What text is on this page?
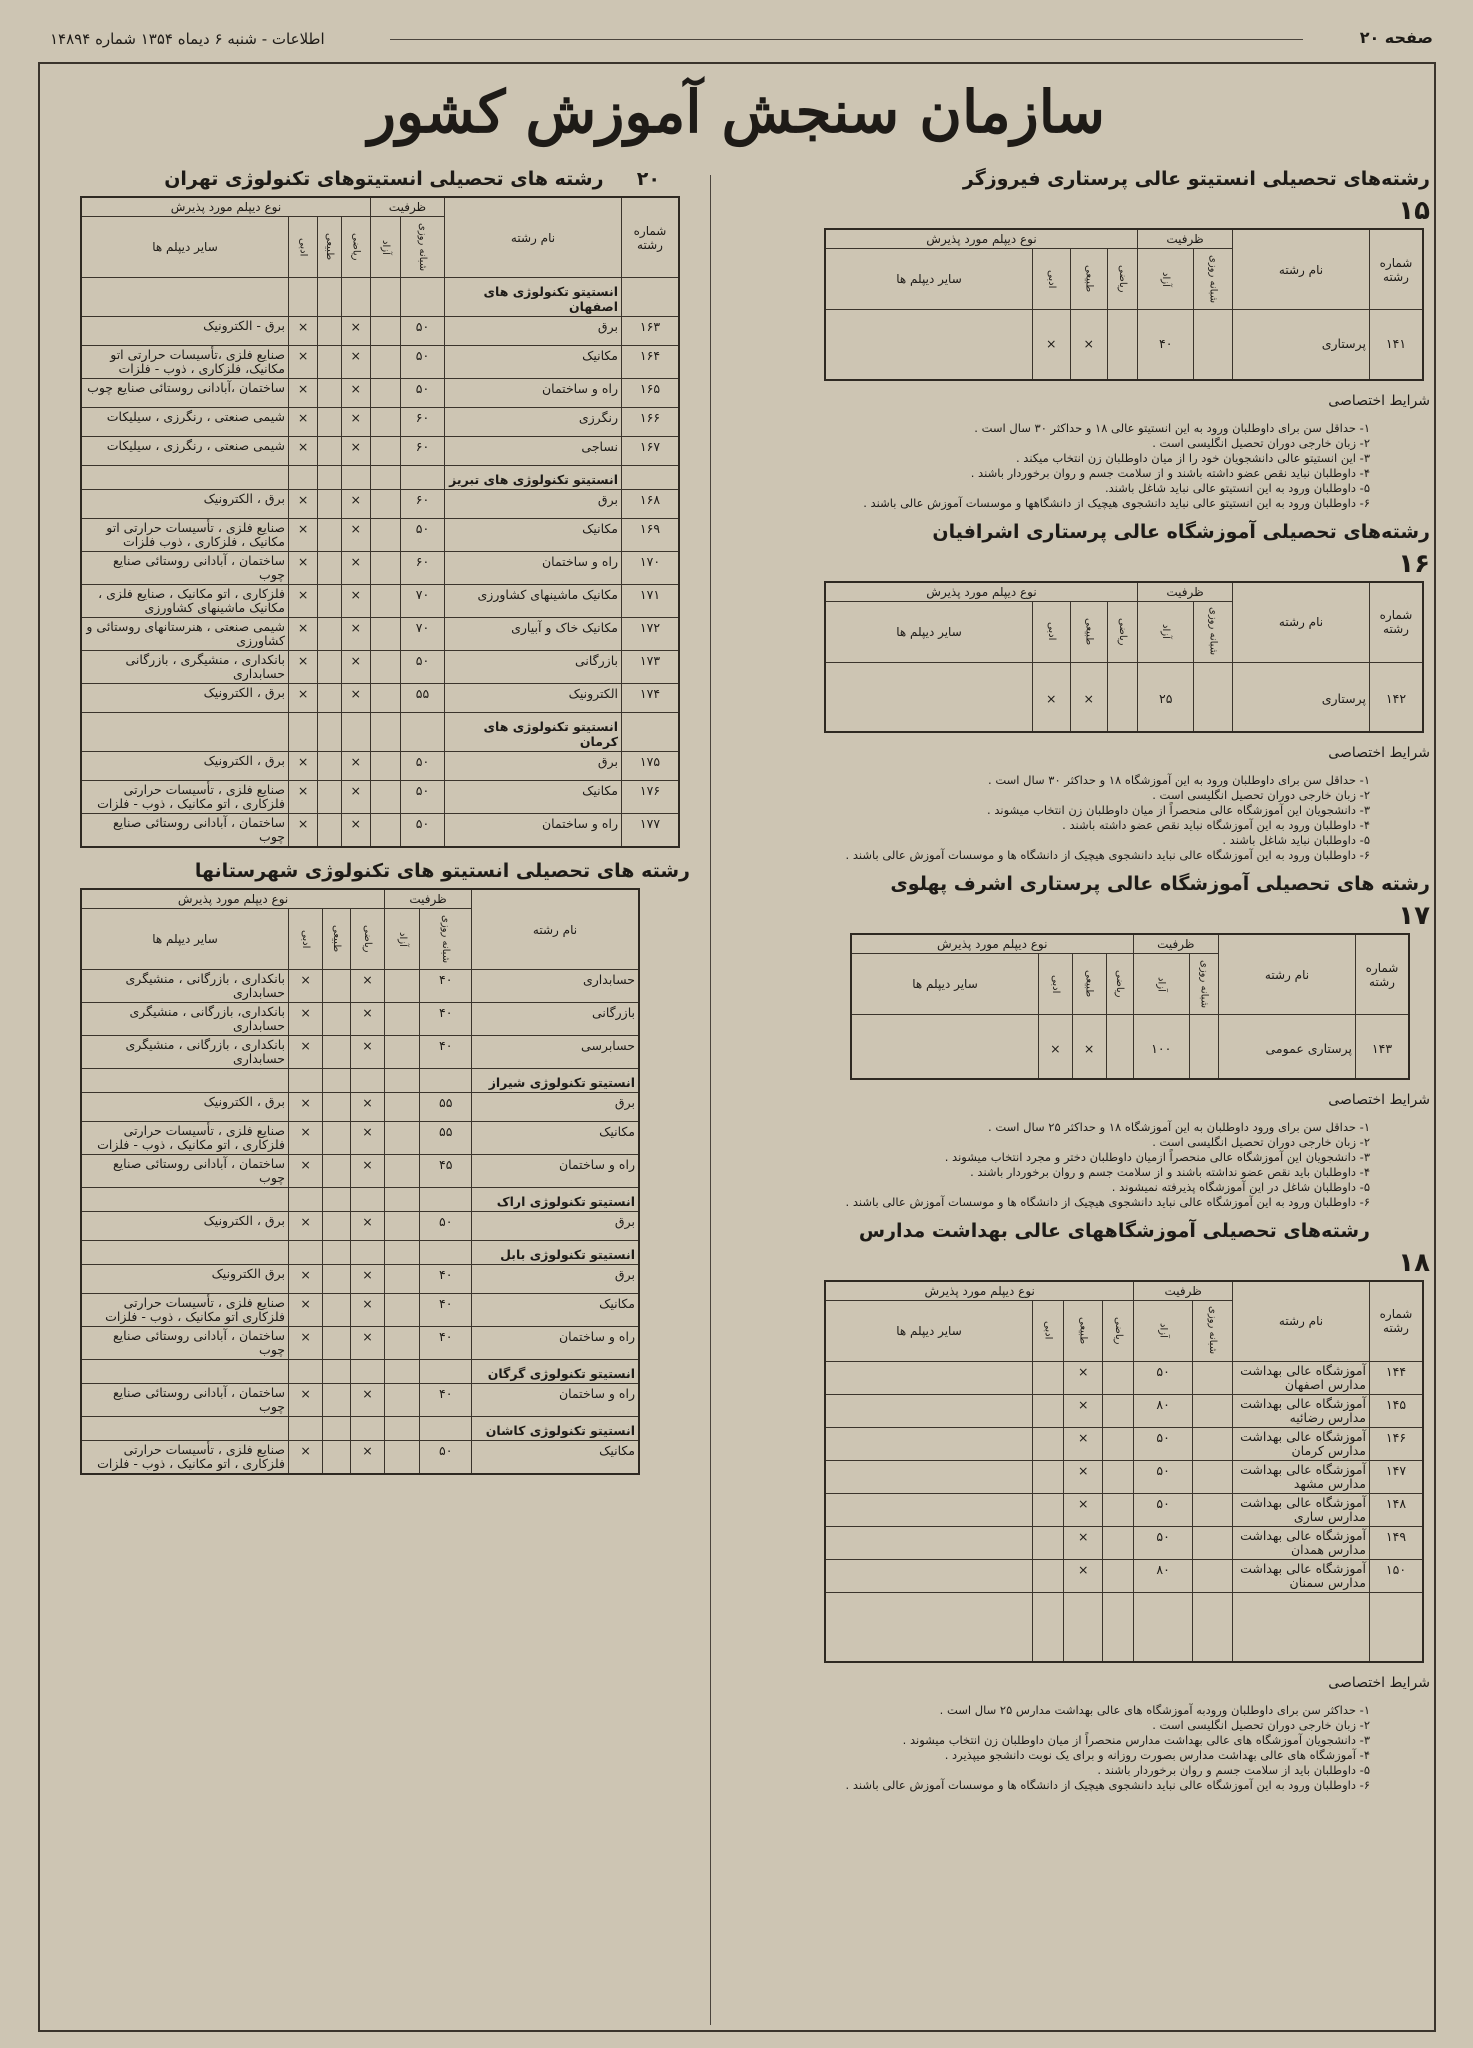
اطلاعات - شنبه ۶ دیماه ۱۳۵۴ شماره ۱۴۸۹۴	صفحه ۲۰
سازمان سنجش آموزش کشور
رشته‌های تحصیلی انستیتو عالی پرستاری فیروزگر
۱۵
شماره
رشته	نام رشته	ظرفیت		نوع دیپلم مورد پذیرش			
		شبانه روزی	آزاد	ریاضی	طبیعی	ادبی	سایر دیپلم ها
۱۴۱	پرستاری		۴۰		×	×	
شرایط اختصاصی
۱- حداقل سن برای داوطلبان ورود به این انستیتو عالی ۱۸ و حداکثر ۳۰ سال است .
۲- زبان خارجی دوران تحصیل انگلیسی است .
۳- این انستیتو عالی دانشجویان خود را از میان داوطلبان زن انتخاب میکند .
۴- داوطلبان نباید نقص عضو داشته باشند و از سلامت جسم و روان برخوردار باشند .
۵- داوطلبان ورود به این انستیتو عالی نباید شاغل باشند.
۶- داوطلبان ورود به این انستیتو عالی نباید دانشجوی هیچیک از دانشگاهها و موسسات آموزش عالی باشند .
رشته‌های تحصیلی آموزشگاه عالی پرستاری اشرافیان
۱۶
شماره
رشته	نام رشته	ظرفیت		نوع دیپلم مورد پذیرش			
		شبانه روزی	آزاد	ریاضی	طبیعی	ادبی	سایر دیپلم ها
۱۴۲	پرستاری		۲۵		×	×	
شرایط اختصاصی
۱- حداقل سن برای داوطلبان ورود به این آموزشگاه ۱۸ و حداکثر ۳۰ سال است .
۲- زبان خارجی دوران تحصیل انگلیسی است .
۳- دانشجویان این آموزشگاه عالی منحصراً از میان داوطلبان زن انتخاب میشوند .
۴- داوطلبان ورود به این آموزشگاه نباید نقص عضو داشته باشند .
۵- داوطلبان نباید شاغل باشند .
۶- داوطلبان ورود به این آموزشگاه عالی نباید دانشجوی هیچیک از دانشگاه ها و موسسات آموزش عالی باشند .
رشته های تحصیلی آموزشگاه عالی پرستاری اشرف پهلوی
۱۷
شماره
رشته	نام رشته	ظرفیت		نوع دیپلم مورد پذیرش			
		شبانه روزی	آزاد	ریاضی	طبیعی	ادبی	سایر دیپلم ها
۱۴۳	پرستاری عمومی		۱۰۰		×	×	
شرایط اختصاصی
۱- حداقل سن برای ورود داوطلبان به این آموزشگاه ۱۸ و حداکثر ۲۵ سال است .
۲- زبان خارجی دوران تحصیل انگلیسی است .
۳- دانشجویان این آموزشگاه عالی منحصراً ازمیان داوطلبان دختر و مجرد انتخاب میشوند .
۴- داوطلبان باید نقص عضو نداشته باشند و از سلامت جسم و روان برخوردار باشند .
۵- داوطلبان شاغل در این آموزشگاه پذیرفته نمیشوند .
۶- داوطلبان ورود به این آموزشگاه عالی نباید دانشجوی هیچیک از دانشگاه ها و موسسات آموزش عالی باشند .
رشته‌های تحصیلی آموزشگاههای عالی بهداشت مدارس
۱۸
شماره
رشته	نام رشته	ظرفیت		نوع دیپلم مورد پذیرش			
		شبانه روزی	آزاد	ریاضی	طبیعی	ادبی	سایر دیپلم ها
۱۴۴	آموزشگاه عالی بهداشت مدارس اصفهان		۵۰		×		
۱۴۵	آموزشگاه عالی بهداشت مدارس رضائیه		۸۰		×		
۱۴۶	آموزشگاه عالی بهداشت مدارس کرمان		۵۰		×		
۱۴۷	آموزشگاه عالی بهداشت مدارس مشهد		۵۰		×		
۱۴۸	آموزشگاه عالی بهداشت مدارس ساری		۵۰		×		
۱۴۹	آموزشگاه عالی بهداشت مدارس همدان		۵۰		×		
۱۵۰	آموزشگاه عالی بهداشت مدارس سمنان		۸۰		×		

شرایط اختصاصی
۱- حداکثر سن برای داوطلبان ورودبه آموزشگاه های عالی بهداشت مدارس ۲۵ سال است .
۲- زبان خارجی دوران تحصیل انگلیسی است .
۳- دانشجویان آموزشگاه های عالی بهداشت مدارس منحصراً از میان داوطلبان زن انتخاب میشوند .
۴- آموزشگاه های عالی بهداشت مدارس بصورت روزانه و برای یک نوبت دانشجو میپذیرد .
۵- داوطلبان باید از سلامت جسم و روان برخوردار باشند .
۶- داوطلبان ورود به این آموزشگاه عالی نباید دانشجوی هیچیک از دانشگاه ها و موسسات آموزش عالی باشند .
۲۰  رشته های تحصیلی انستیتوهای تکنولوژی تهران
شماره
رشته	نام رشته	ظرفیت		نوع دیپلم مورد پذیرش			
		شبانه روزی	آزاد	ریاضی	طبیعی	ادبی	سایر دیپلم ها
	انستیتو تکنولوژی های اصفهان						
۱۶۳	برق	۵۰		×		×	برق - الکترونیک
۱۶۴	مکانیک	۵۰		×		×	صنایع فلزی ،تأسیسات حرارتی اتو مکانیک، فلزکاری ، ذوب - فلزات
۱۶۵	راه و ساختمان	۵۰		×		×	ساختمان ،آبادانی روستائی صنایع چوب
۱۶۶	رنگرزی	۶۰		×		×	شیمی صنعتی ، رنگرزی ، سیلیکات
۱۶۷	نساجی	۶۰		×		×	شیمی صنعتی ، رنگرزی ، سیلیکات
	انستیتو تکنولوژی های تبریز						
۱۶۸	برق	۶۰		×		×	برق ، الکترونیک
۱۶۹	مکانیک	۵۰		×		×	صنایع فلزی ، تأسیسات حرارتی اتو مکانیک ، فلزکاری ، ذوب فلزات
۱۷۰	راه و ساختمان	۶۰		×		×	ساختمان ، آبادانی روستائی صنایع چوب
۱۷۱	مکانیک ماشینهای کشاورزی	۷۰		×		×	فلزکاری ، اتو مکانیک ، صنایع فلزی ، مکانیک ماشینهای کشاورزی
۱۷۲	مکانیک خاک و آبیاری	۷۰		×		×	شیمی صنعتی ، هنرستانهای روستائی و کشاورزی
۱۷۳	بازرگانی	۵۰		×		×	بانکداری ، منشیگری ، بازرگانی حسابداری
۱۷۴	الکترونیک	۵۵		×		×	برق ، الکترونیک
	انستیتو تکنولوژی های کرمان						
۱۷۵	برق	۵۰		×		×	برق ، الکترونیک
۱۷۶	مکانیک	۵۰		×		×	صنایع فلزی ، تأسیسات حرارتی فلزکاری ، اتو مکانیک ، ذوب - فلزات
۱۷۷	راه و ساختمان	۵۰		×		×	ساختمان ، آبادانی روستائی صنایع چوب
رشته های تحصیلی انستیتو های تکنولوژی شهرستانها
نام رشته	ظرفیت		نوع دیپلم مورد پذیرش			
	شبانه روزی	آزاد	ریاضی	طبیعی	ادبی	سایر دیپلم ها
حسابداری	۴۰		×		×	بانکداری ، بازرگانی ، منشیگری حسابداری
بازرگانی	۴۰		×		×	بانکداری، بازرگانی ، منشیگری حسابداری
حسابرسی	۴۰		×		×	بانکداری ، بازرگانی ، منشیگری حسابداری
انستیتو تکنولوژی شیراز						
برق	۵۵		×		×	برق ، الکترونیک
مکانیک	۵۵		×		×	صنایع فلزی ، تأسیسات حرارتی فلزکاری ، اتو مکانیک ، ذوب - فلزات
راه و ساختمان	۴۵		×		×	ساختمان ، آبادانی روستائی صنایع چوب
انستیتو تکنولوژی اراک						
برق	۵۰		×		×	برق ، الکترونیک
انستیتو تکنولوژی بابل						
برق	۴۰		×		×	برق الکترونیک
مکانیک	۴۰		×		×	صنایع فلزی ، تأسیسات حرارتی فلزکاری اتو مکانیک ، ذوب - فلزات
راه و ساختمان	۴۰		×		×	ساختمان ، آبادانی روستائی صنایع چوب
انستیتو تکنولوژی گرگان						
راه و ساختمان	۴۰		×		×	ساختمان ، آبادانی روستائی صنایع چوب
انستیتو تکنولوژی کاشان						
مکانیک	۵۰		×		×	صنایع فلزی ، تأسیسات حرارتی فلزکاری ، اتو مکانیک ، ذوب - فلزات
